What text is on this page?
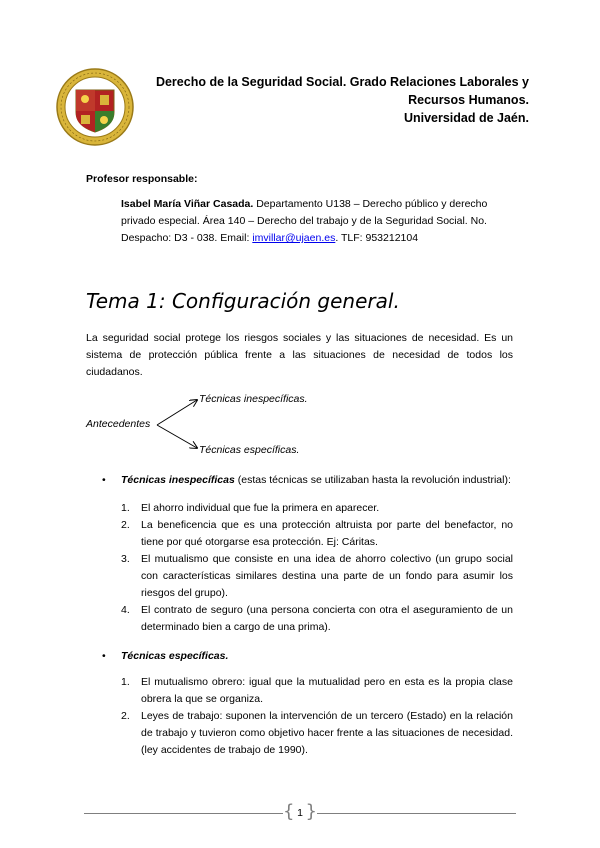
Derecho de la Seguridad Social. Grado Relaciones Laborales y
Recursos Humanos.
Universidad de Jaén.
Profesor responsable:
Isabel María Viñar Casada. Departamento U138 – Derecho público y derecho privado especial. Área 140 – Derecho del trabajo y de la Seguridad Social. No. Despacho: D3 - 038. Email: imvillar@ujaen.es. TLF: 953212104
Tema 1: Configuración general.
La seguridad social protege los riesgos sociales y las situaciones de necesidad. Es un sistema de protección pública frente a las situaciones de necesidad de todos los ciudadanos.
Antecedentes
Técnicas inespecíficas.
Técnicas específicas.
• Técnicas inespecíficas (estas técnicas se utilizaban hasta la revolución industrial):
1. El ahorro individual que fue la primera en aparecer.
2. La beneficencia que es una protección altruista por parte del benefactor, no tiene por qué otorgarse esa protección. Ej: Cáritas.
3. El mutualismo que consiste en una idea de ahorro colectivo (un grupo social con características similares destina una parte de un fondo para asumir los riesgos del grupo).
4. El contrato de seguro (una persona concierta con otra el aseguramiento de un determinado bien a cargo de una prima).
• Técnicas específicas.
1. El mutualismo obrero: igual que la mutualidad pero en esta es la propia clase obrera la que se organiza.
2. Leyes de trabajo: suponen la intervención de un tercero (Estado) en la relación de trabajo y tuvieron como objetivo hacer frente a las situaciones de necesidad. (ley accidentes de trabajo de 1990).
{ 1 }
